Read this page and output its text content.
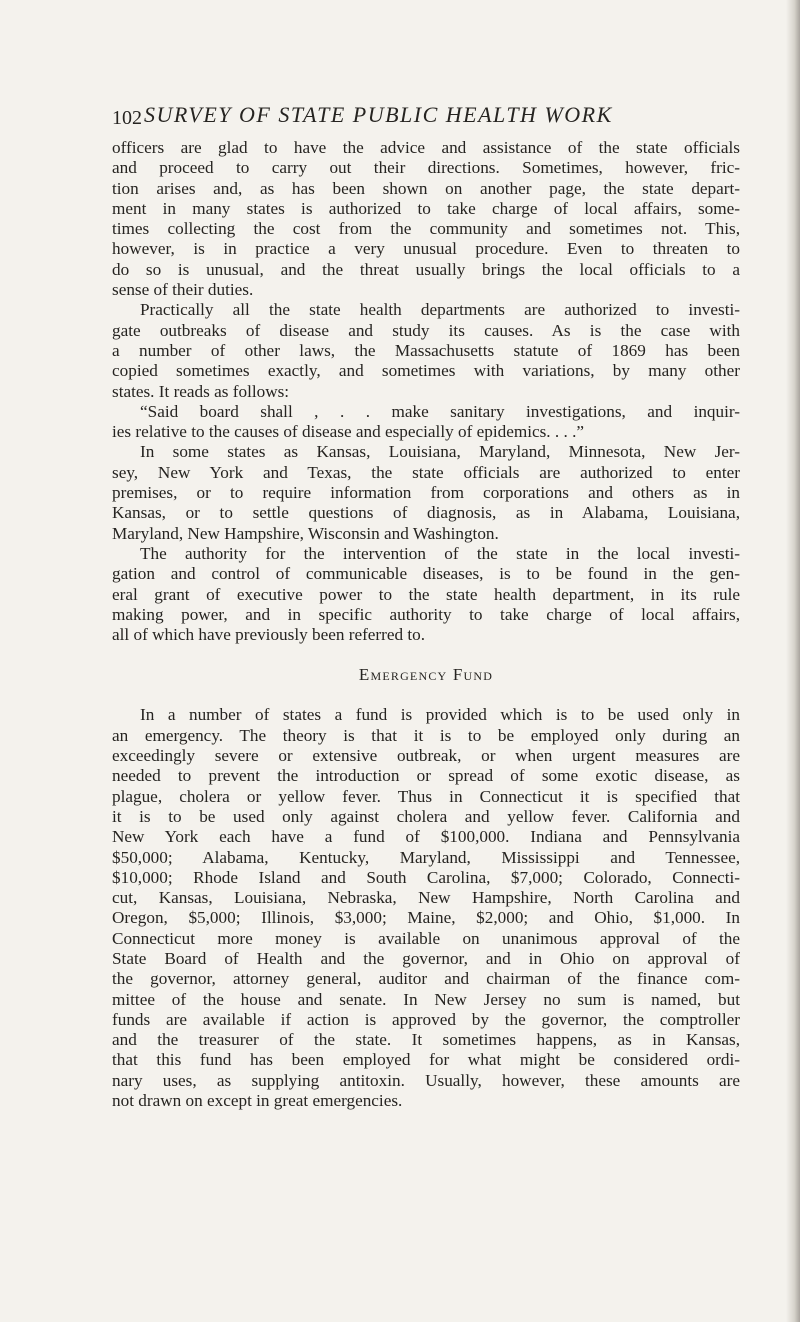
102 SURVEY OF STATE PUBLIC HEALTH WORK
officers are glad to have the advice and assistance of the state officials
and proceed to carry out their directions. Sometimes, however, fric-
tion arises and, as has been shown on another page, the state depart-
ment in many states is authorized to take charge of local affairs, some-
times collecting the cost from the community and sometimes not. This,
however, is in practice a very unusual procedure. Even to threaten to
do so is unusual, and the threat usually brings the local officials to a
sense of their duties.
Practically all the state health departments are authorized to investi-
gate outbreaks of disease and study its causes. As is the case with
a number of other laws, the Massachusetts statute of 1869 has been
copied sometimes exactly, and sometimes with variations, by many other
states. It reads as follows:
“Said board shall , . . make sanitary investigations, and inquir-
ies relative to the causes of disease and especially of epidemics. . . .”
In some states as Kansas, Louisiana, Maryland, Minnesota, New Jer-
sey, New York and Texas, the state officials are authorized to enter
premises, or to require information from corporations and others as in
Kansas, or to settle questions of diagnosis, as in Alabama, Louisiana,
Maryland, New Hampshire, Wisconsin and Washington.
The authority for the intervention of the state in the local investi-
gation and control of communicable diseases, is to be found in the gen-
eral grant of executive power to the state health department, in its rule
making power, and in specific authority to take charge of local affairs,
all of which have previously been referred to.
Emergency Fund
In a number of states a fund is provided which is to be used only in
an emergency. The theory is that it is to be employed only during an
exceedingly severe or extensive outbreak, or when urgent measures are
needed to prevent the introduction or spread of some exotic disease, as
plague, cholera or yellow fever. Thus in Connecticut it is specified that
it is to be used only against cholera and yellow fever. California and
New York each have a fund of $100,000. Indiana and Pennsylvania
$50,000; Alabama, Kentucky, Maryland, Mississippi and Tennessee,
$10,000; Rhode Island and South Carolina, $7,000; Colorado, Connecti-
cut, Kansas, Louisiana, Nebraska, New Hampshire, North Carolina and
Oregon, $5,000; Illinois, $3,000; Maine, $2,000; and Ohio, $1,000. In
Connecticut more money is available on unanimous approval of the
State Board of Health and the governor, and in Ohio on approval of
the governor, attorney general, auditor and chairman of the finance com-
mittee of the house and senate. In New Jersey no sum is named, but
funds are available if action is approved by the governor, the comptroller
and the treasurer of the state. It sometimes happens, as in Kansas,
that this fund has been employed for what might be considered ordi-
nary uses, as supplying antitoxin. Usually, however, these amounts are
not drawn on except in great emergencies.
